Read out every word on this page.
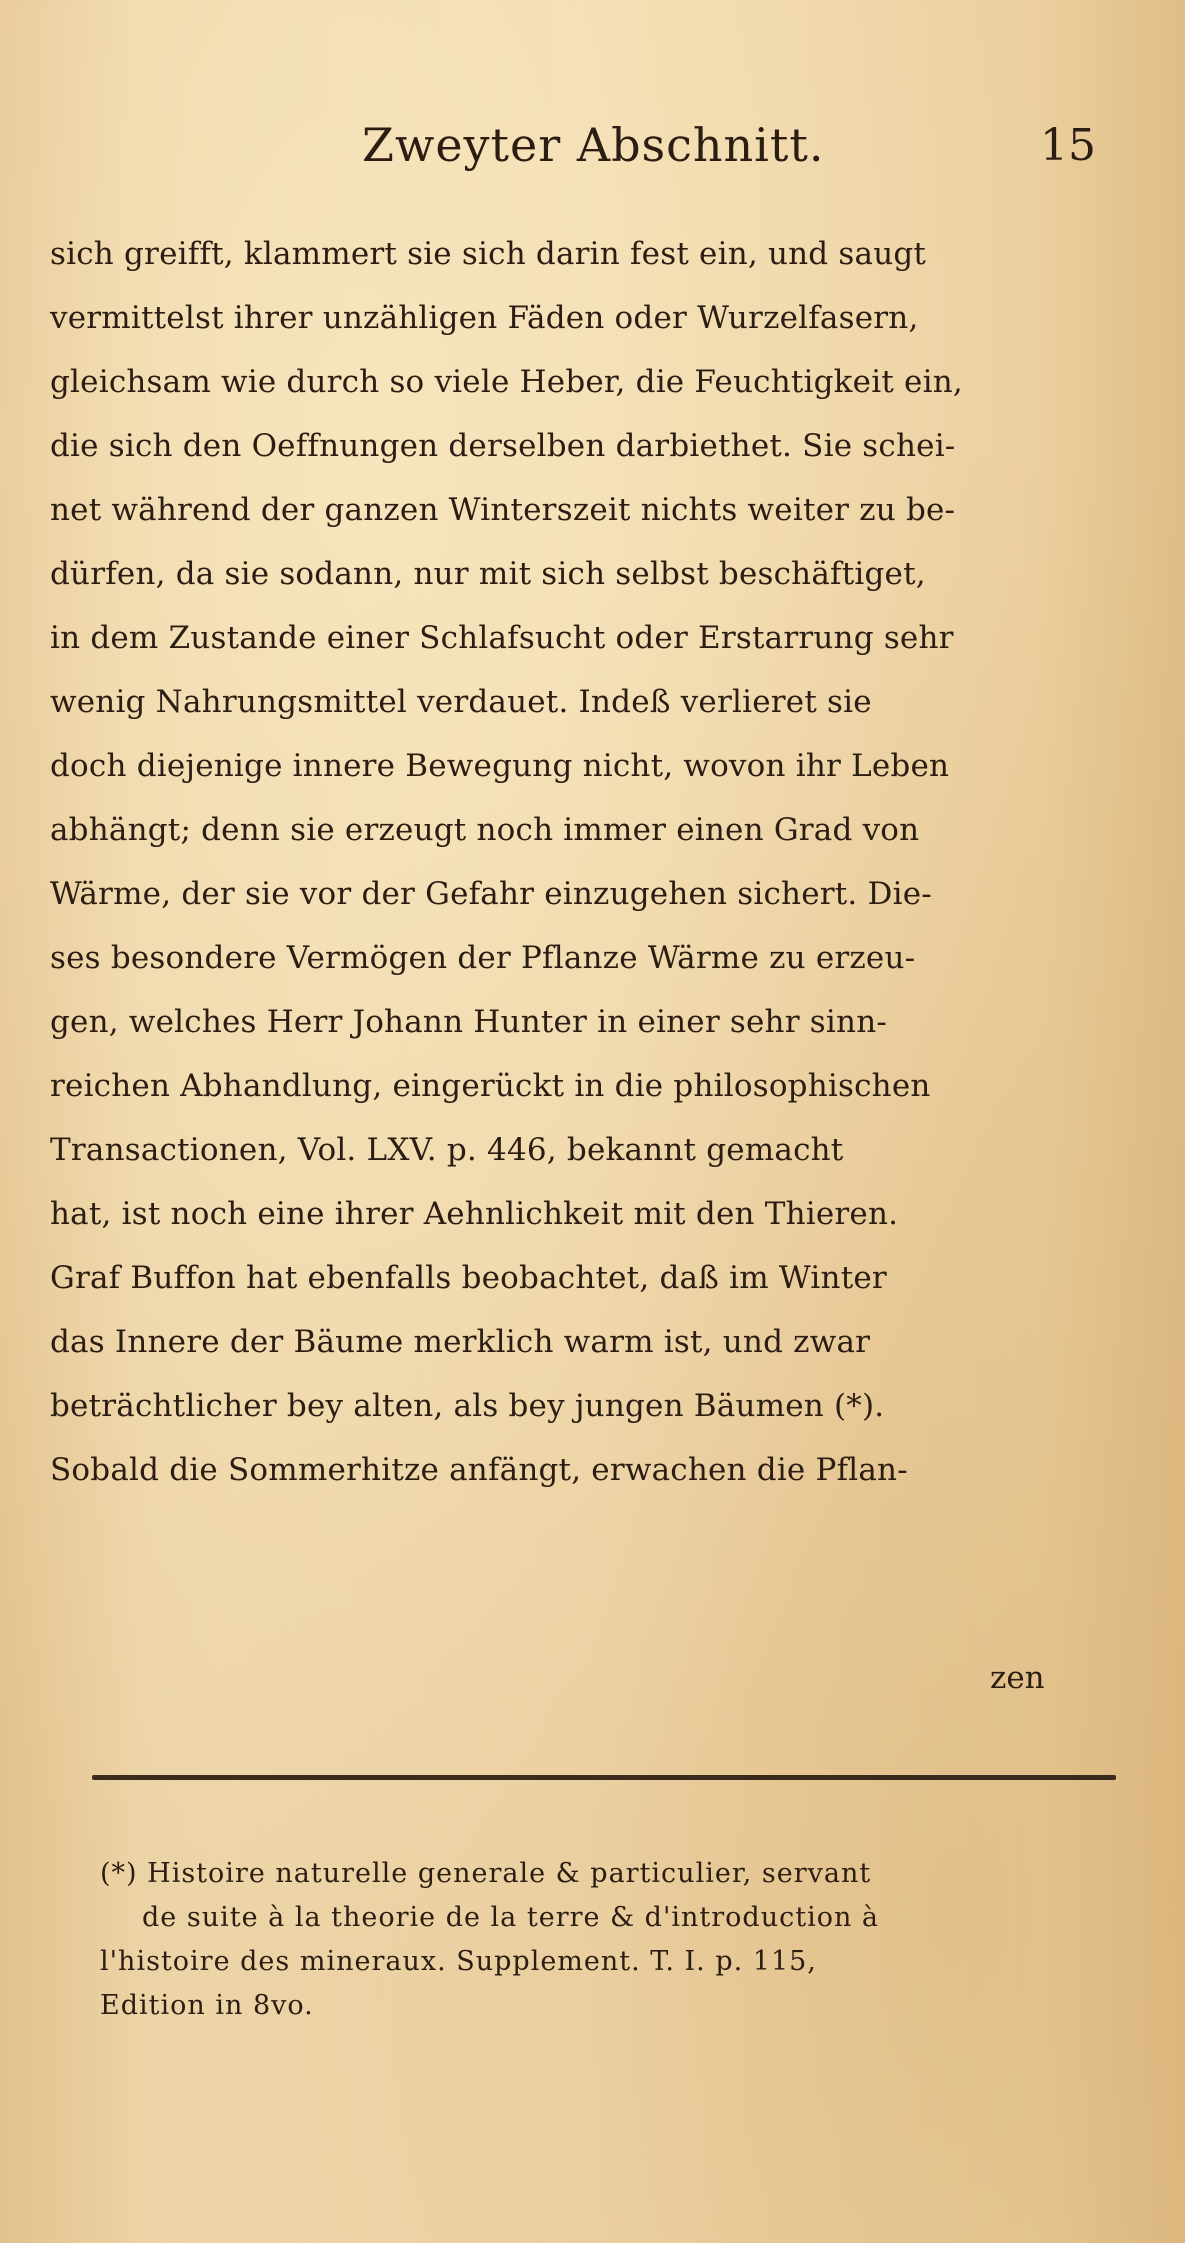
Zweyter Abschnitt.	15
sich greifft, klammert sie sich darin fest ein, und saugt
vermittelst ihrer unzähligen Fäden oder Wurzelfasern,
gleichsam wie durch so viele Heber, die Feuchtigkeit ein,
die sich den Oeffnungen derselben darbiethet. Sie schei-
net während der ganzen Winterszeit nichts weiter zu be-
dürfen, da sie sodann, nur mit sich selbst beschäftiget,
in dem Zustande einer Schlafsucht oder Erstarrung sehr
wenig Nahrungsmittel verdauet. Indeß verlieret sie
doch diejenige innere Bewegung nicht, wovon ihr Leben
abhängt; denn sie erzeugt noch immer einen Grad von
Wärme, der sie vor der Gefahr einzugehen sichert. Die-
ses besondere Vermögen der Pflanze Wärme zu erzeu-
gen, welches Herr Johann Hunter in einer sehr sinn-
reichen Abhandlung, eingerückt in die philosophischen
Transactionen, Vol. LXV. p. 446, bekannt gemacht
hat, ist noch eine ihrer Aehnlichkeit mit den Thieren.
Graf Buffon hat ebenfalls beobachtet, daß im Winter
das Innere der Bäume merklich warm ist, und zwar
beträchtlicher bey alten, als bey jungen Bäumen (*).
Sobald die Sommerhitze anfängt, erwachen die Pflan-
zen
(*) Histoire naturelle generale & particulier, servant
de suite à la theorie de la terre & d'introduction à
l'histoire des mineraux. Supplement. T. I. p. 115,
Edition in 8vo.
